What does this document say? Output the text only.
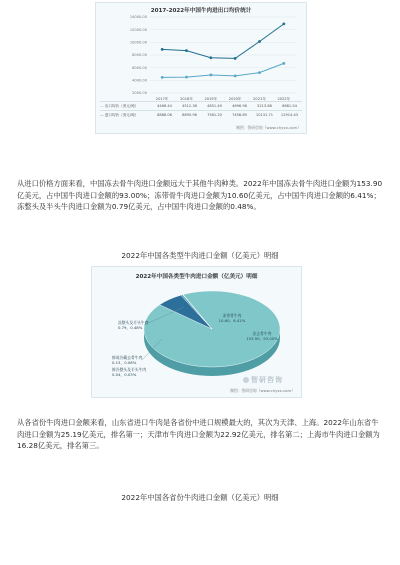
2017-2022年中国牛肉进出口均价统计
14000.00
12000.00
10000.00
8000.00
6000.00
4000.00
2000.00
2017年	2018年	2019年	2020年	2021年	2022年
— 出口均价（美元/吨）	4466.44	4512.38	4851.49	4696.98	5213.86	6681.54
— 进口均价（美元/吨）	8888.06	8695.96	7561.20	7458.89	10131.71	12914.43
制图：智研咨询（www.chyxx.com）

从进口价格方面来看，中国冻去骨牛肉进口金额远大于其他牛肉种类。2022年中国冻去骨牛肉进口金额为153.90亿美元，占中国牛肉进口金额的93.00%；冻带骨牛肉进口金额为10.60亿美元，占中国牛肉进口金额的6.41%；冻整头及半头牛肉进口金额为0.79亿美元，占中国牛肉进口金额的0.48%。

2022年中国各类型牛肉进口金额（亿美元）明细
2022年中国各类型牛肉进口金额（亿美元）明细
冻去骨牛肉 153.90，93.00%
冻带骨牛肉 10.60，6.41%
冻整头及半头牛肉 0.79，0.48%
鲜或冷藏去骨牛肉 0.13，0.08%
鲜冷整头及半头牛肉 0.04，0.03%
智研咨询
制图：智研咨询（www.chyxx.com）

从各省份牛肉进口金额来看，山东省进口牛肉是各省份中进口规模最大的，其次为天津、上海。2022年山东省牛肉进口金额为25.19亿美元，排名第一；天津市牛肉进口金额为22.92亿美元，排名第二；上海市牛肉进口金额为16.28亿美元，排名第三。

2022年中国各省份牛肉进口金额（亿美元）明细
